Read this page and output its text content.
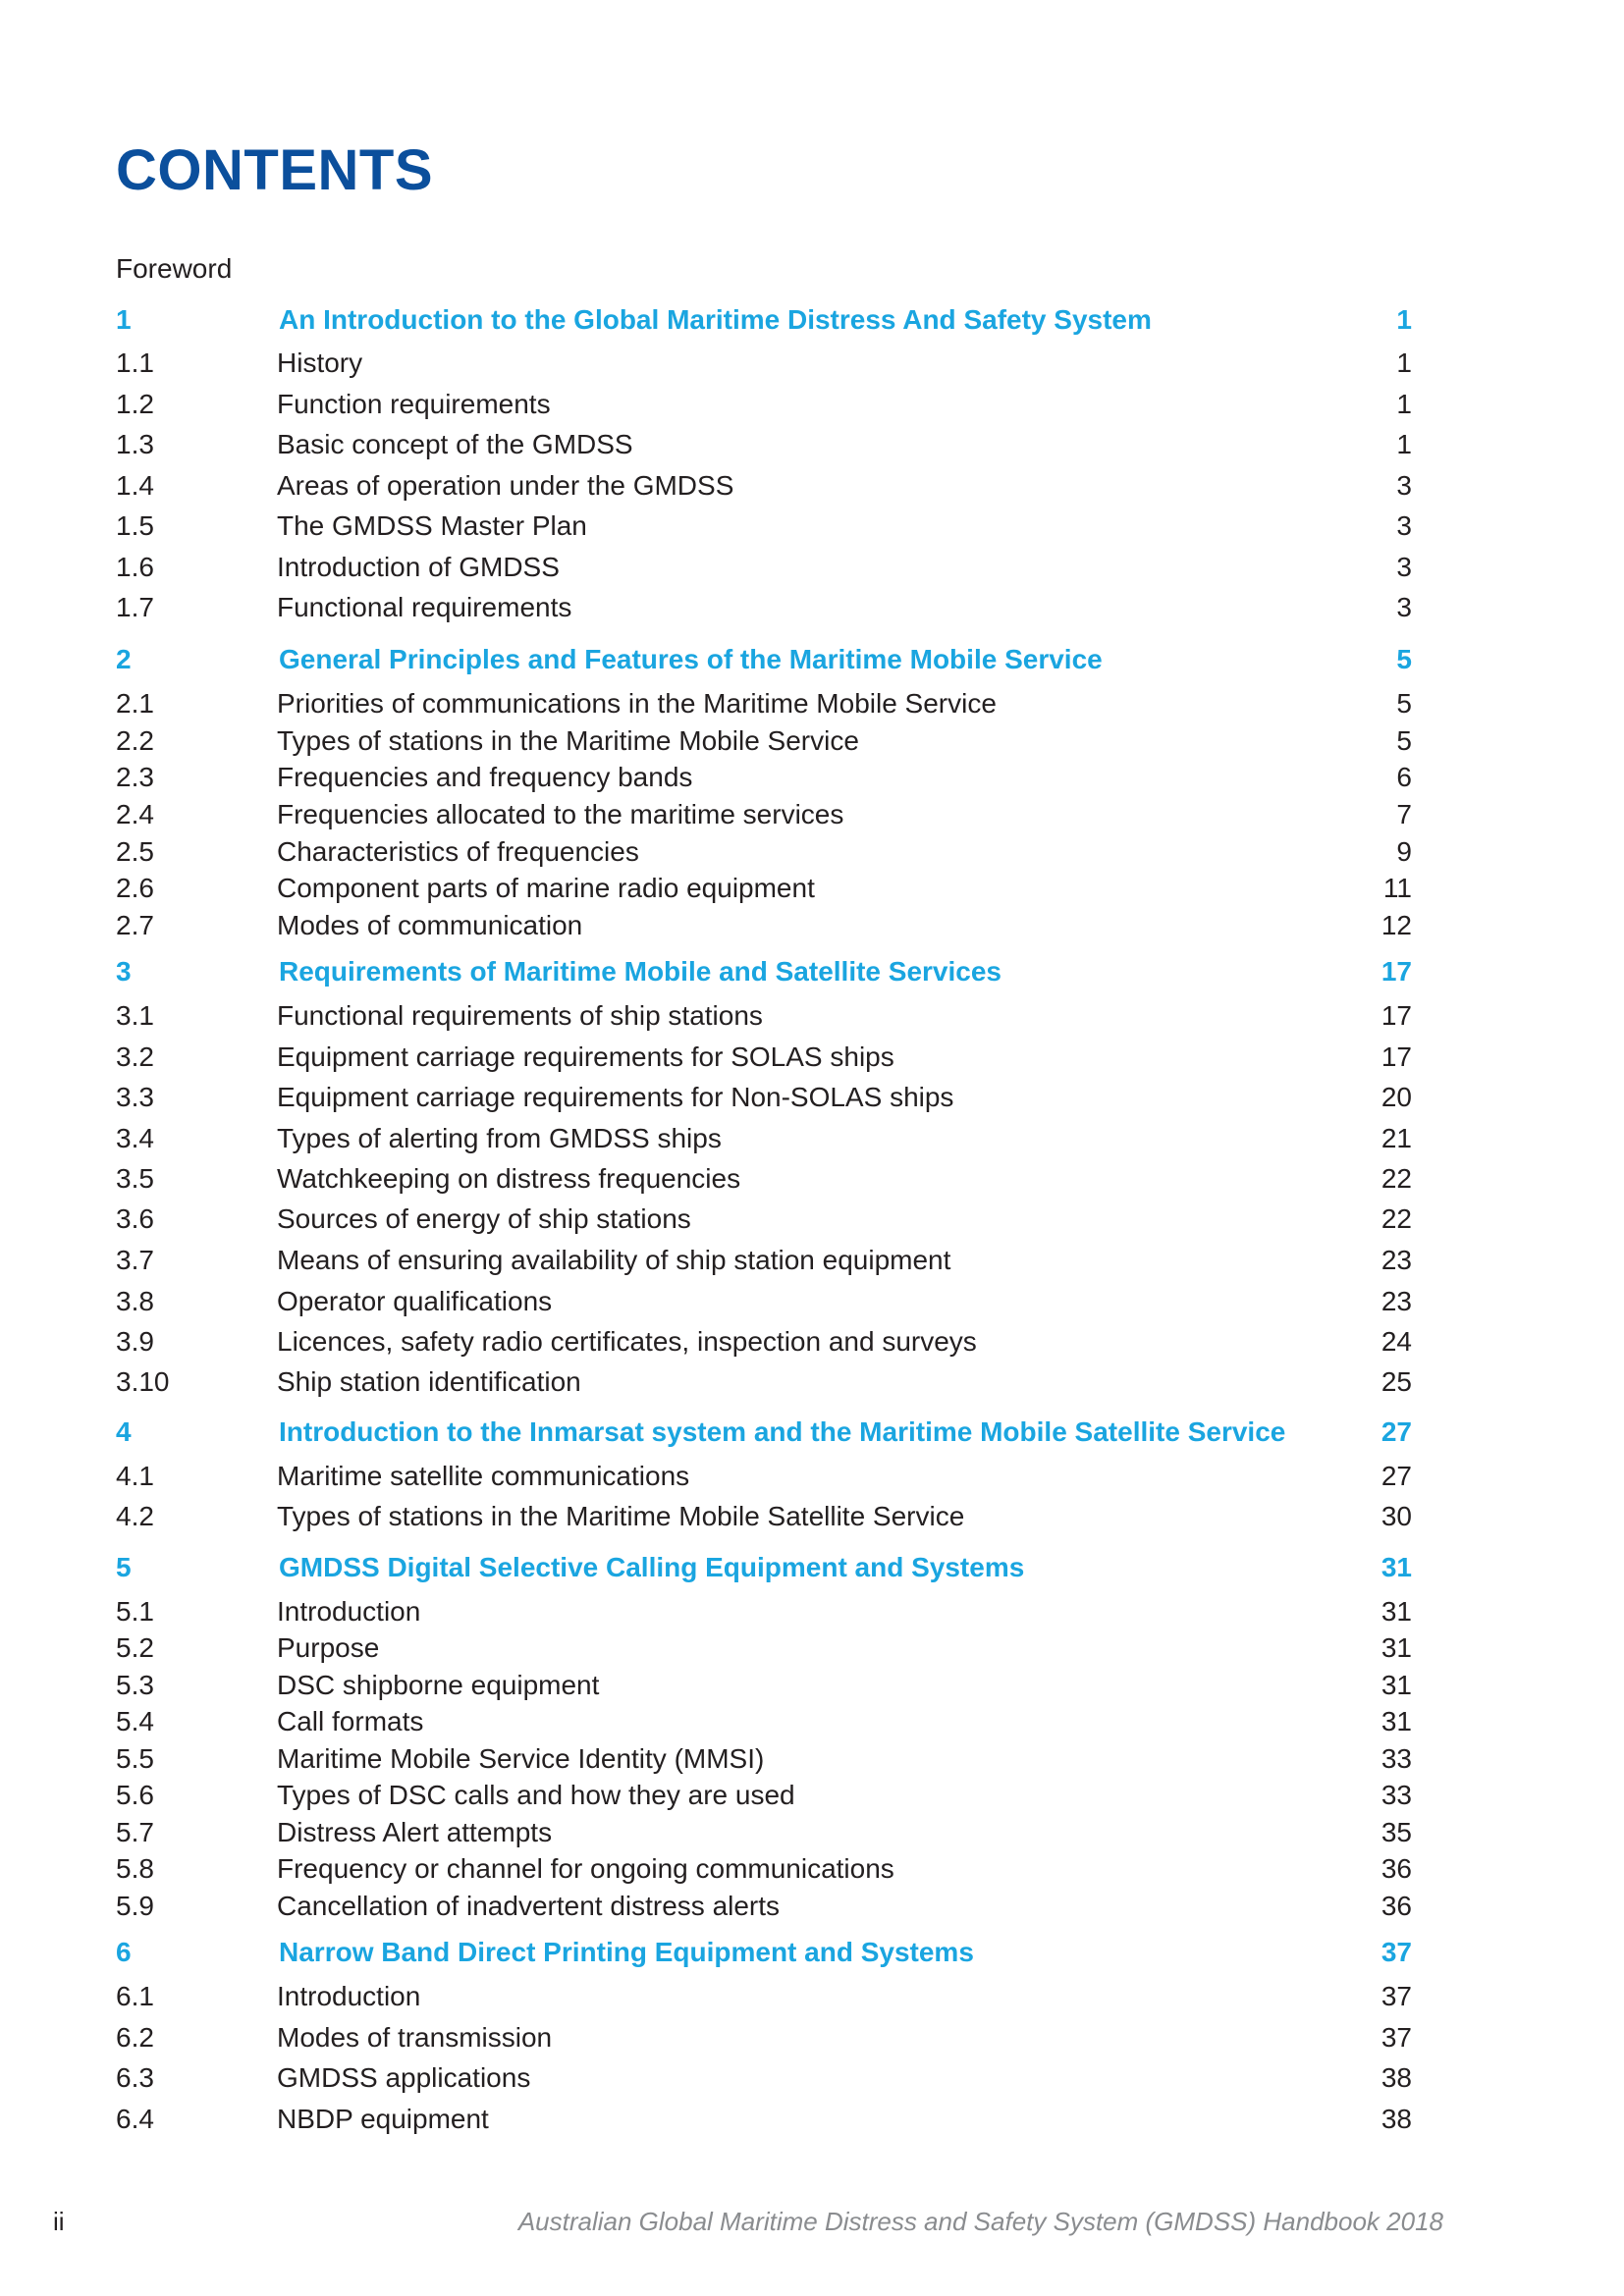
CONTENTS
Foreword
1	An Introduction to the Global Maritime Distress And Safety System	1
1.1	History	1
1.2	Function requirements	1
1.3	Basic concept of the GMDSS	1
1.4	Areas of operation under the GMDSS	3
1.5	The GMDSS Master Plan	3
1.6	Introduction of GMDSS	3
1.7	Functional requirements	3
2	General Principles and Features of the Maritime Mobile Service	5
2.1	Priorities of communications in the Maritime Mobile Service	5
2.2	Types of stations in the Maritime Mobile Service	5
2.3	Frequencies and frequency bands	6
2.4	Frequencies allocated to the maritime services	7
2.5	Characteristics of frequencies	9
2.6	Component parts of marine radio equipment	11
2.7	Modes of communication	12
3	Requirements of Maritime Mobile and Satellite Services	17
3.1	Functional requirements of ship stations	17
3.2	Equipment carriage requirements for SOLAS ships	17
3.3	Equipment carriage requirements for Non-SOLAS ships	20
3.4	Types of alerting from GMDSS ships	21
3.5	Watchkeeping on distress frequencies	22
3.6	Sources of energy of ship stations	22
3.7	Means of ensuring availability of ship station equipment	23
3.8	Operator qualifications	23
3.9	Licences, safety radio certificates, inspection and surveys	24
3.10	Ship station identification	25
4	Introduction to the Inmarsat system and the Maritime Mobile Satellite Service	27
4.1	Maritime satellite communications	27
4.2	Types of stations in the Maritime Mobile Satellite Service	30
5	GMDSS Digital Selective Calling Equipment and Systems	31
5.1	Introduction	31
5.2	Purpose	31
5.3	DSC shipborne equipment	31
5.4	Call formats	31
5.5	Maritime Mobile Service Identity (MMSI)	33
5.6	Types of DSC calls and how they are used	33
5.7	Distress Alert attempts	35
5.8	Frequency or channel for ongoing communications	36
5.9	Cancellation of inadvertent distress alerts	36
6	Narrow Band Direct Printing Equipment and Systems	37
6.1	Introduction	37
6.2	Modes of transmission	37
6.3	GMDSS applications	38
6.4	NBDP equipment	38
ii	Australian Global Maritime Distress and Safety System (GMDSS) Handbook 2018
